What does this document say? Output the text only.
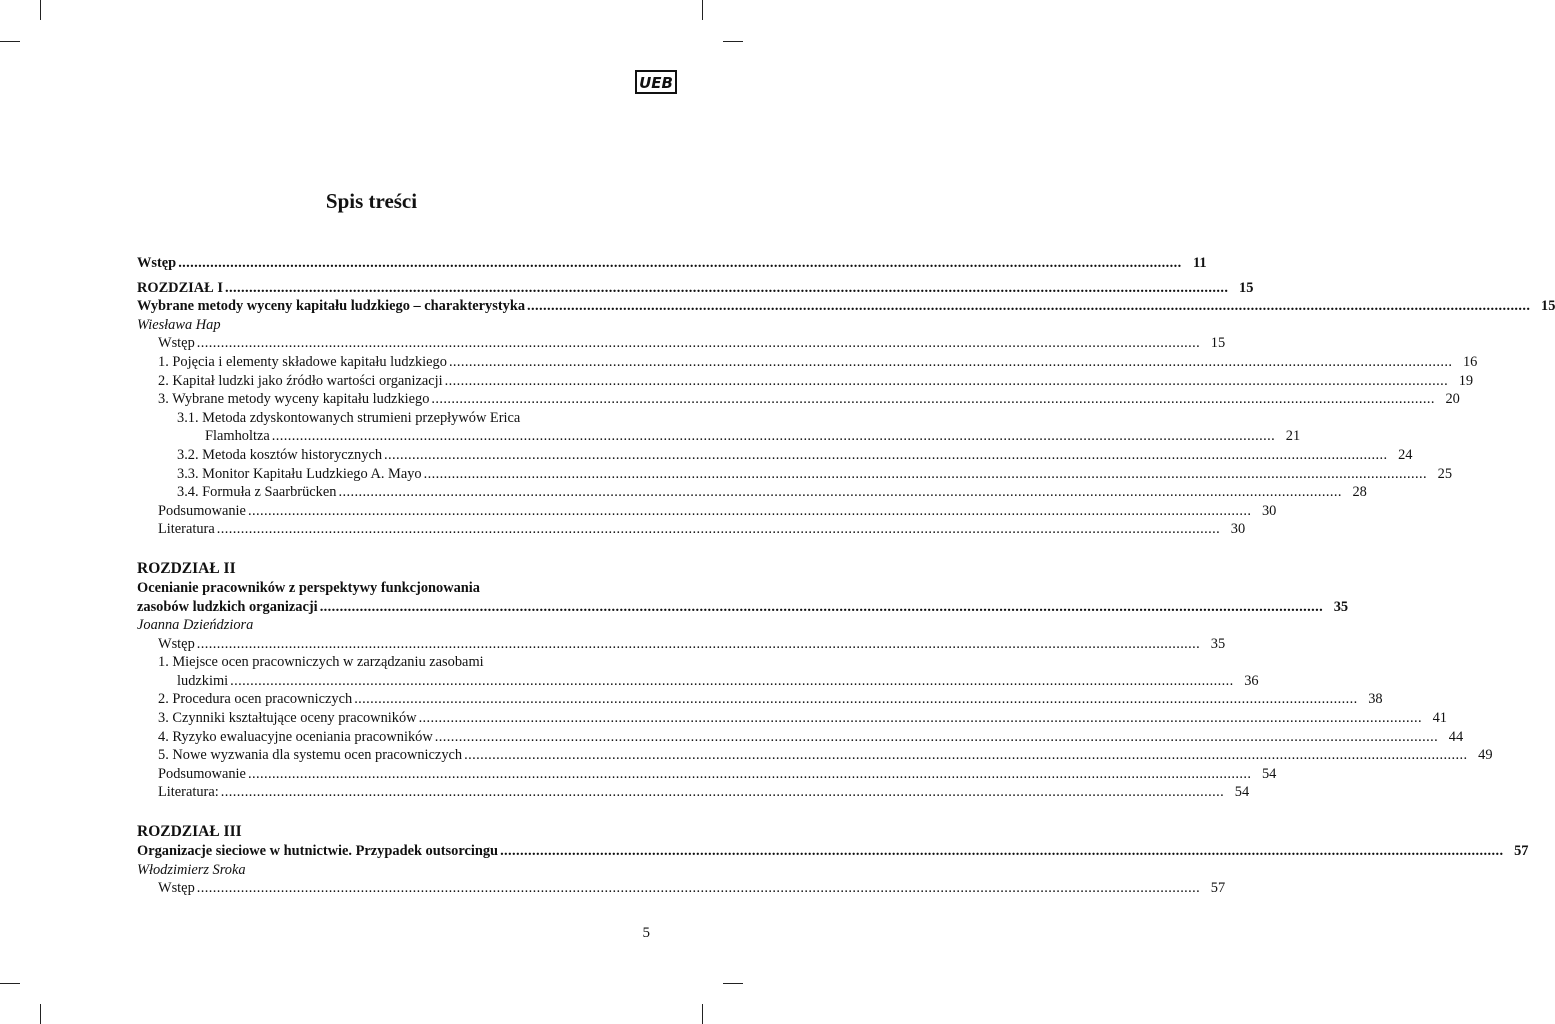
UEB
Spis treści
Wstęp .....	11
ROZDZIAŁ I .....	15
Wybrane metody wyceny kapitału ludzkiego – charakterystyka .....	15
Wiesława Hap
Wstęp .....	15
1. Pojęcia i elementy składowe kapitału ludzkiego .....	16
2. Kapitał ludzki jako źródło wartości organizacji .....	19
3. Wybrane metody wyceny kapitału ludzkiego .....	20
3.1. Metoda zdyskontowanych strumieni przepływów Erica
Flamholtza .....	21
3.2. Metoda kosztów historycznych .....	24
3.3. Monitor Kapitału Ludzkiego A. Mayo .....	25
3.4. Formuła z Saarbrücken .....	28
Podsumowanie .....	30
Literatura .....	30
ROZDZIAŁ II
Ocenianie pracowników z perspektywy funkcjonowania
zasobów ludzkich organizacji .....	35
Joanna Dzieńdziora
Wstęp .....	35
1. Miejsce ocen pracowniczych w zarządzaniu zasobami
ludzkimi .....	36
2. Procedura ocen pracowniczych .....	38
3. Czynniki kształtujące oceny pracowników .....	41
4. Ryzyko ewaluacyjne oceniania pracowników .....	44
5. Nowe wyzwania dla systemu ocen pracowniczych .....	49
Podsumowanie .....	54
Literatura: .....	54
ROZDZIAŁ III
Organizacje sieciowe w hutnictwie. Przypadek outsorcingu .....	57
Włodzimierz Sroka
Wstęp .....	57
5
